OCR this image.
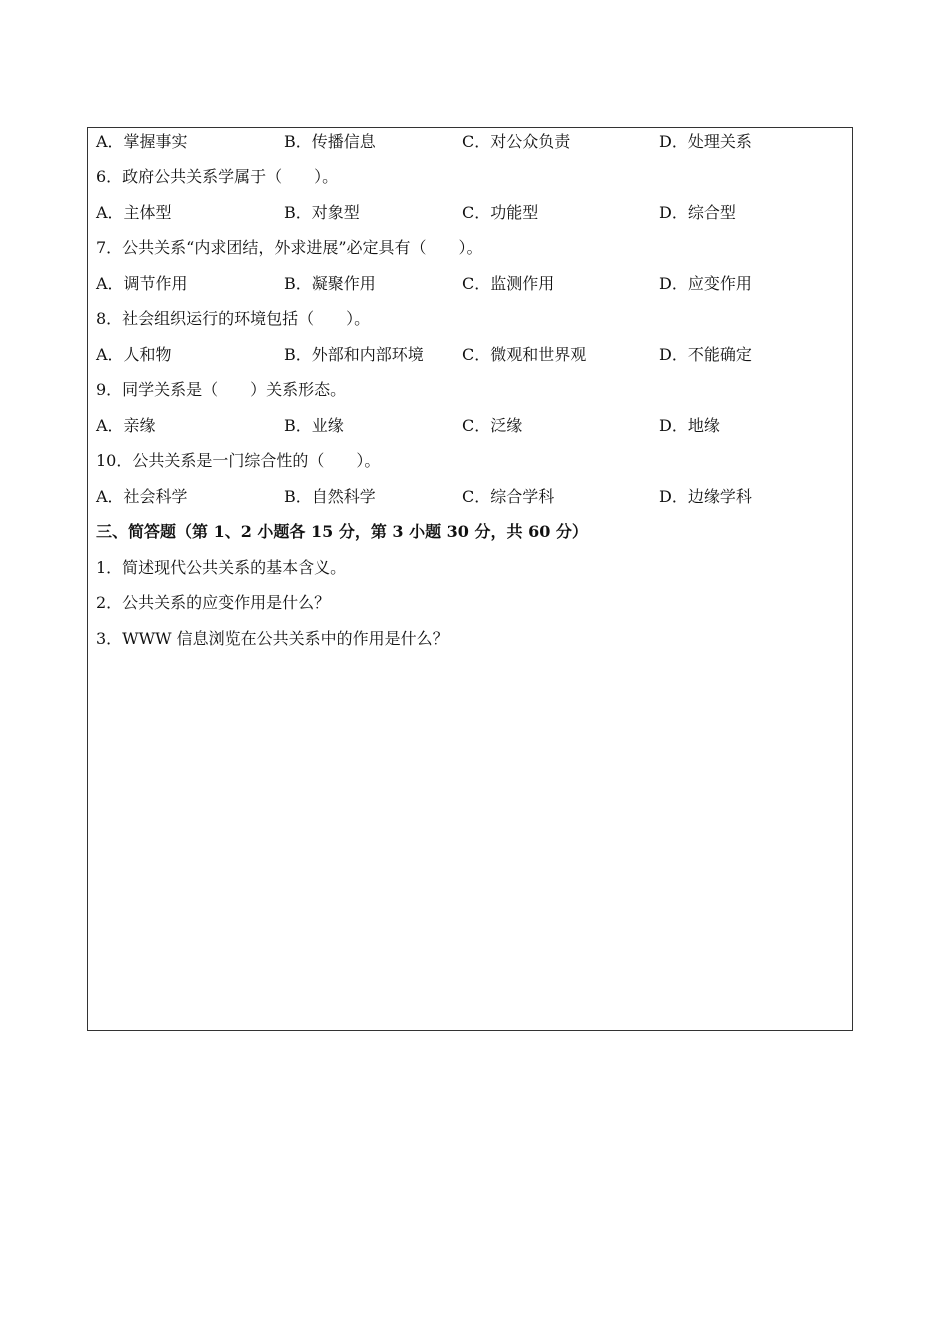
A．掌握事实	B．传播信息	C．对公众负责	D．处理关系
6．政府公共关系学属于（　　）。
A．主体型	B．对象型	C．功能型	D．综合型
7．公共关系“内求团结，外求进展”必定具有（　　）。
A．调节作用	B．凝聚作用	C．监测作用	D．应变作用
8．社会组织运行的环境包括（　　）。
A．人和物	B．外部和内部环境 C．微观和世界观	D．不能确定
9．同学关系是（　　）关系形态。
A．亲缘	B．业缘	C．泛缘	D．地缘
10．公共关系是一门综合性的（　　）。
A．社会科学	B．自然科学	C．综合学科	D．边缘学科
三、简答题（第 1、2 小题各 15 分，第 3 小题 30 分，共 60 分）
1．简述现代公共关系的基本含义。
2．公共关系的应变作用是什么？
3．WWW 信息浏览在公共关系中的作用是什么？
